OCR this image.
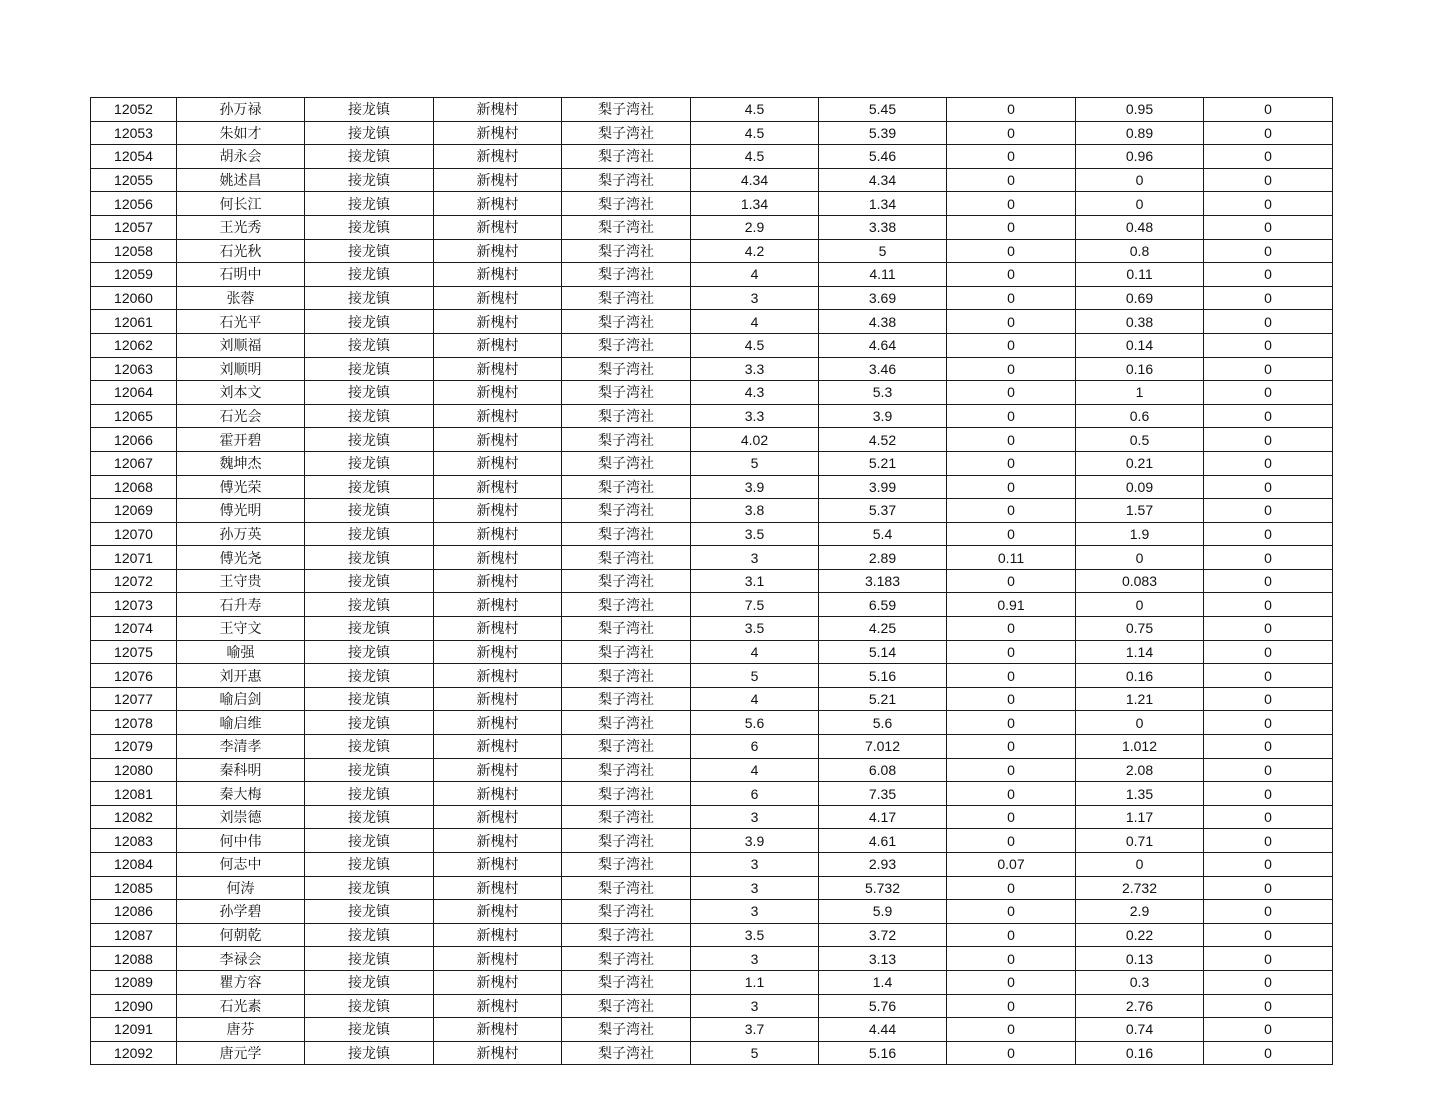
12052	孙万禄	接龙镇	新槐村	梨子湾社	4.5	5.45	0	0.95	0
12053	朱如才	接龙镇	新槐村	梨子湾社	4.5	5.39	0	0.89	0
12054	胡永会	接龙镇	新槐村	梨子湾社	4.5	5.46	0	0.96	0
12055	姚述昌	接龙镇	新槐村	梨子湾社	4.34	4.34	0	0	0
12056	何长江	接龙镇	新槐村	梨子湾社	1.34	1.34	0	0	0
12057	王光秀	接龙镇	新槐村	梨子湾社	2.9	3.38	0	0.48	0
12058	石光秋	接龙镇	新槐村	梨子湾社	4.2	5	0	0.8	0
12059	石明中	接龙镇	新槐村	梨子湾社	4	4.11	0	0.11	0
12060	张蓉	接龙镇	新槐村	梨子湾社	3	3.69	0	0.69	0
12061	石光平	接龙镇	新槐村	梨子湾社	4	4.38	0	0.38	0
12062	刘顺福	接龙镇	新槐村	梨子湾社	4.5	4.64	0	0.14	0
12063	刘顺明	接龙镇	新槐村	梨子湾社	3.3	3.46	0	0.16	0
12064	刘本文	接龙镇	新槐村	梨子湾社	4.3	5.3	0	1	0
12065	石光会	接龙镇	新槐村	梨子湾社	3.3	3.9	0	0.6	0
12066	霍开碧	接龙镇	新槐村	梨子湾社	4.02	4.52	0	0.5	0
12067	魏坤杰	接龙镇	新槐村	梨子湾社	5	5.21	0	0.21	0
12068	傅光荣	接龙镇	新槐村	梨子湾社	3.9	3.99	0	0.09	0
12069	傅光明	接龙镇	新槐村	梨子湾社	3.8	5.37	0	1.57	0
12070	孙万英	接龙镇	新槐村	梨子湾社	3.5	5.4	0	1.9	0
12071	傅光尧	接龙镇	新槐村	梨子湾社	3	2.89	0.11	0	0
12072	王守贵	接龙镇	新槐村	梨子湾社	3.1	3.183	0	0.083	0
12073	石升寿	接龙镇	新槐村	梨子湾社	7.5	6.59	0.91	0	0
12074	王守文	接龙镇	新槐村	梨子湾社	3.5	4.25	0	0.75	0
12075	喻强	接龙镇	新槐村	梨子湾社	4	5.14	0	1.14	0
12076	刘开惠	接龙镇	新槐村	梨子湾社	5	5.16	0	0.16	0
12077	喻启剑	接龙镇	新槐村	梨子湾社	4	5.21	0	1.21	0
12078	喻启维	接龙镇	新槐村	梨子湾社	5.6	5.6	0	0	0
12079	李清孝	接龙镇	新槐村	梨子湾社	6	7.012	0	1.012	0
12080	秦科明	接龙镇	新槐村	梨子湾社	4	6.08	0	2.08	0
12081	秦大梅	接龙镇	新槐村	梨子湾社	6	7.35	0	1.35	0
12082	刘崇德	接龙镇	新槐村	梨子湾社	3	4.17	0	1.17	0
12083	何中伟	接龙镇	新槐村	梨子湾社	3.9	4.61	0	0.71	0
12084	何志中	接龙镇	新槐村	梨子湾社	3	2.93	0.07	0	0
12085	何涛	接龙镇	新槐村	梨子湾社	3	5.732	0	2.732	0
12086	孙学碧	接龙镇	新槐村	梨子湾社	3	5.9	0	2.9	0
12087	何朝乾	接龙镇	新槐村	梨子湾社	3.5	3.72	0	0.22	0
12088	李禄会	接龙镇	新槐村	梨子湾社	3	3.13	0	0.13	0
12089	瞿方容	接龙镇	新槐村	梨子湾社	1.1	1.4	0	0.3	0
12090	石光素	接龙镇	新槐村	梨子湾社	3	5.76	0	2.76	0
12091	唐芬	接龙镇	新槐村	梨子湾社	3.7	4.44	0	0.74	0
12092	唐元学	接龙镇	新槐村	梨子湾社	5	5.16	0	0.16	0
